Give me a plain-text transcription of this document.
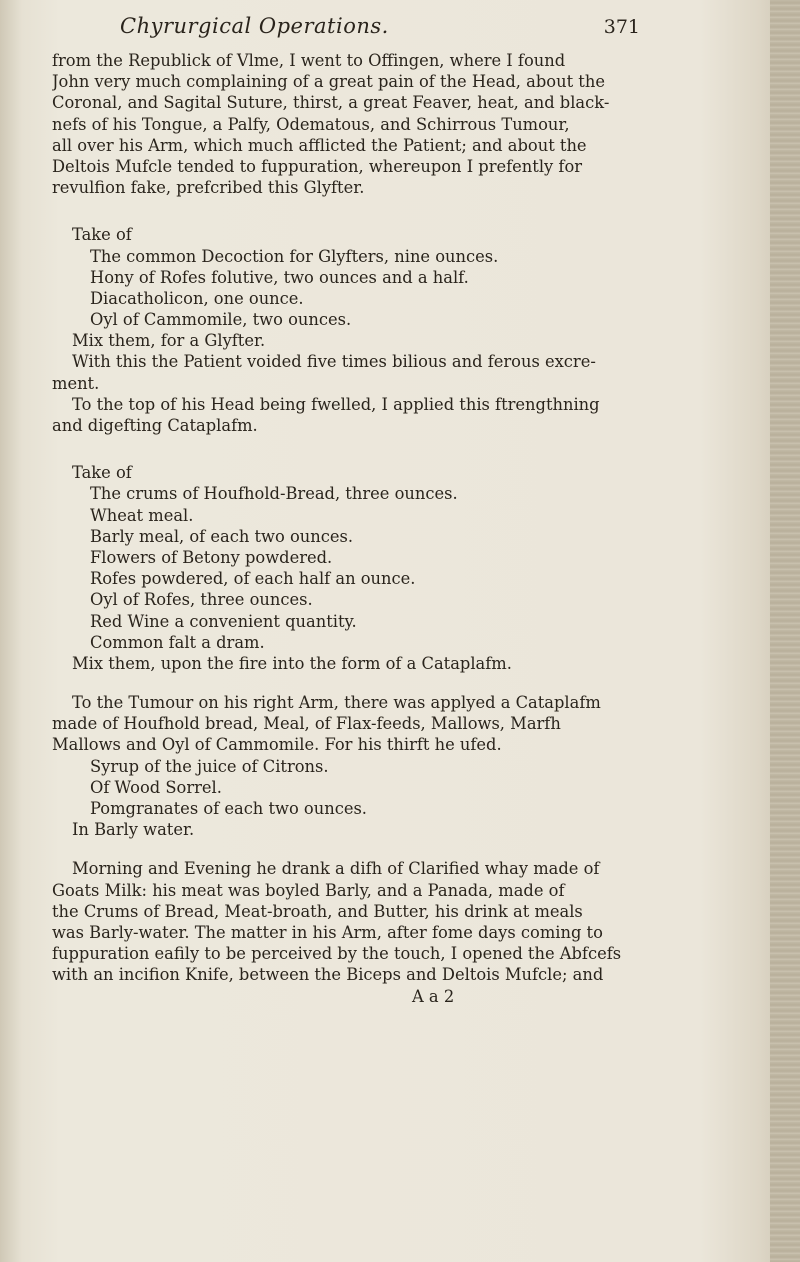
Chyrurgical Operations.	371
from the Republick of Vlme, I went to Offingen, where I found
John very much complaining of a great pain of the Head, about the
Coronal, and Sagital Suture, thirst, a great Feaver, heat, and black-
nefs of his Tongue, a Palfy, Odematous, and Schirrous Tumour,
all over his Arm, which much afflicted the Patient; and about the
Deltois Mufcle tended to fuppuration, whereupon I prefently for
revulfion fake, prefcribed this Glyfter.
Take of
The common Decoction for Glyfters, nine ounces.
Hony of Rofes folutive, two ounces and a half.
Diacatholicon, one ounce.
Oyl of Cammomile, two ounces.
Mix them, for a Glyfter.
With this the Patient voided five times bilious and ferous excre-
ment.
To the top of his Head being fwelled, I applied this ftrengthning
and digefting Cataplafm.
Take of
The crums of Houfhold-Bread, three ounces.
Wheat meal.
Barly meal, of each two ounces.
Flowers of Betony powdered.
Rofes powdered, of each half an ounce.
Oyl of Rofes, three ounces.
Red Wine a convenient quantity.
Common falt a dram.
Mix them, upon the fire into the form of a Cataplafm.
To the Tumour on his right Arm, there was applyed a Cataplafm
made of Houfhold bread, Meal, of Flax-feeds, Mallows, Marfh
Mallows and Oyl of Cammomile. For his thirft he ufed.
Syrup of the juice of Citrons.
Of Wood Sorrel.
Pomgranates of each two ounces.
In Barly water.
Morning and Evening he drank a difh of Clarified whay made of
Goats Milk: his meat was boyled Barly, and a Panada, made of
the Crums of Bread, Meat-broath, and Butter, his drink at meals
was Barly-water. The matter in his Arm, after fome days coming to
fuppuration eafily to be perceived by the touch, I opened the Abfcefs
with an incifion Knife, between the Biceps and Deltois Mufcle; and
A a 2
